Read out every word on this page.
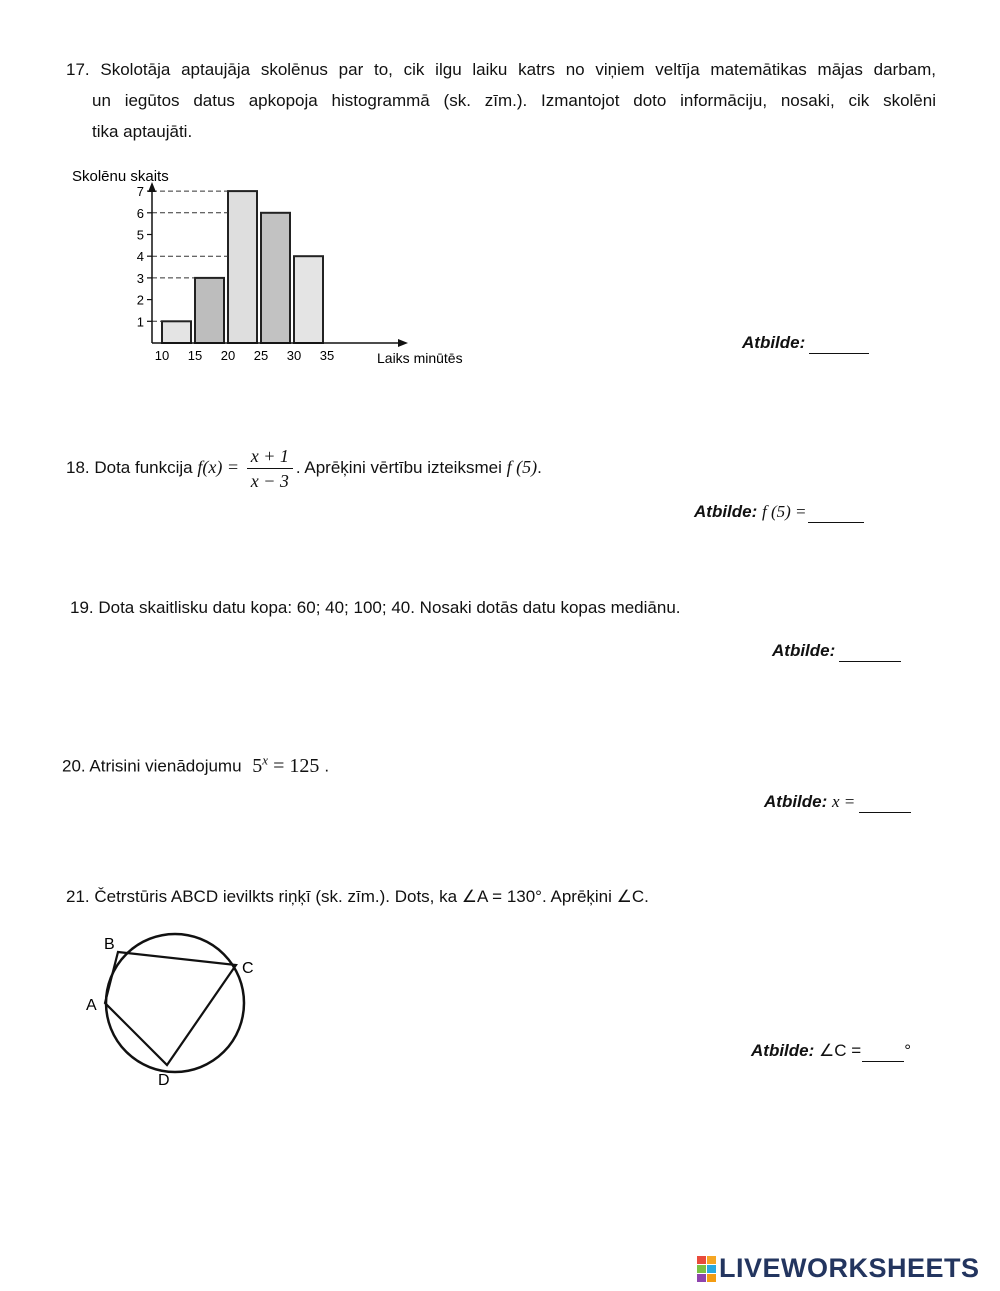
17. Skolotāja aptaujāja skolēnus par to, cik ilgu laiku katrs no viņiem veltīja matemātikas mājas darbam,
un iegūtos datus apkopoja histogrammā (sk. zīm.). Izmantojot doto informāciju, nosaki, cik skolēni
tika aptaujāti.
1
2
3
4
5
6
7
10 15 20 25 30 35
Skolēnu skaits
Laiks minūtēs
Atbilde:
18. Dota funkcija $f(x) = \frac{x + 1}{x - 3}$ . Aprēķini vērtību izteiksmei f (5).
Atbilde: f (5) =
19. Dota skaitlisku datu kopa: 60; 40; 100; 40. Nosaki dotās datu kopas mediānu.
Atbilde:
20. Atrisini vienādojumu $5^x = 125$ .
Atbilde: x =
21. Četrstūris ABCD ievilkts riņķī (sk. zīm.). Dots, ka ∠A = 130°. Aprēķini ∠C.
B
C
A
D
Atbilde: ∠C =	°
LIVEWORKSHEETS
